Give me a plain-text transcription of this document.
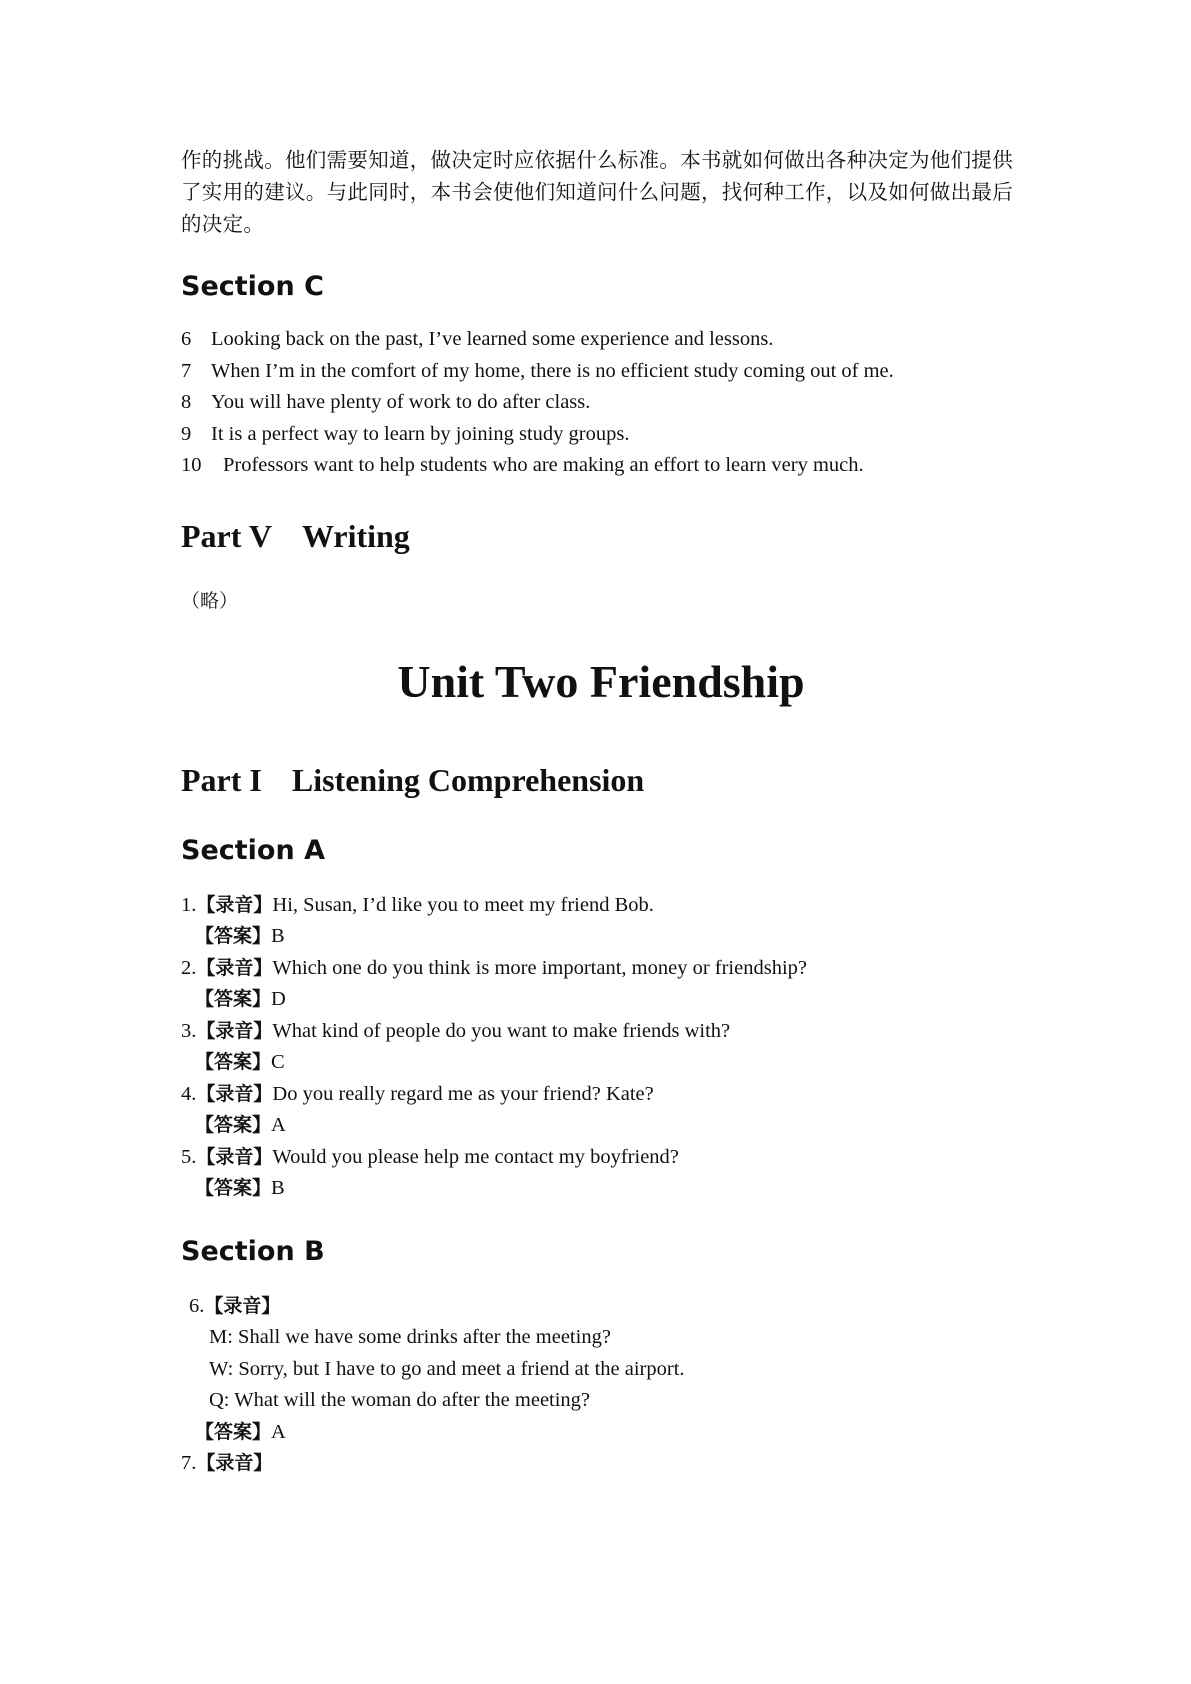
作的挑战。他们需要知道，做决定时应依据什么标准。本书就如何做出各种决定为他们提供

了实用的建议。与此同时，本书会使他们知道问什么问题，找何种工作，以及如何做出最后

的决定。

Section C
6 Looking back on the past, I’ve learned some experience and lessons.
7 When I’m in the comfort of my home, there is no efficient study coming out of me.
8 You will have plenty of work to do after class.
9 It is a perfect way to learn by joining study groups.
10 Professors want to help students who are making an effort to learn very much.
Part V Writing

（略）

Unit Two Friendship
Part I Listening Comprehension
Section A
1.【录音】Hi, Susan, I’d like you to meet my friend Bob.
【答案】B
2.【录音】Which one do you think is more important, money or friendship?
【答案】D
3.【录音】What kind of people do you want to make friends with?
【答案】C
4.【录音】Do you really regard me as your friend? Kate?
【答案】A
5.【录音】Would you please help me contact my boyfriend?
【答案】B
Section B
6.【录音】
M: Shall we have some drinks after the meeting?
W: Sorry, but I have to go and meet a friend at the airport.
Q: What will the woman do after the meeting?
【答案】A
7.【录音】
